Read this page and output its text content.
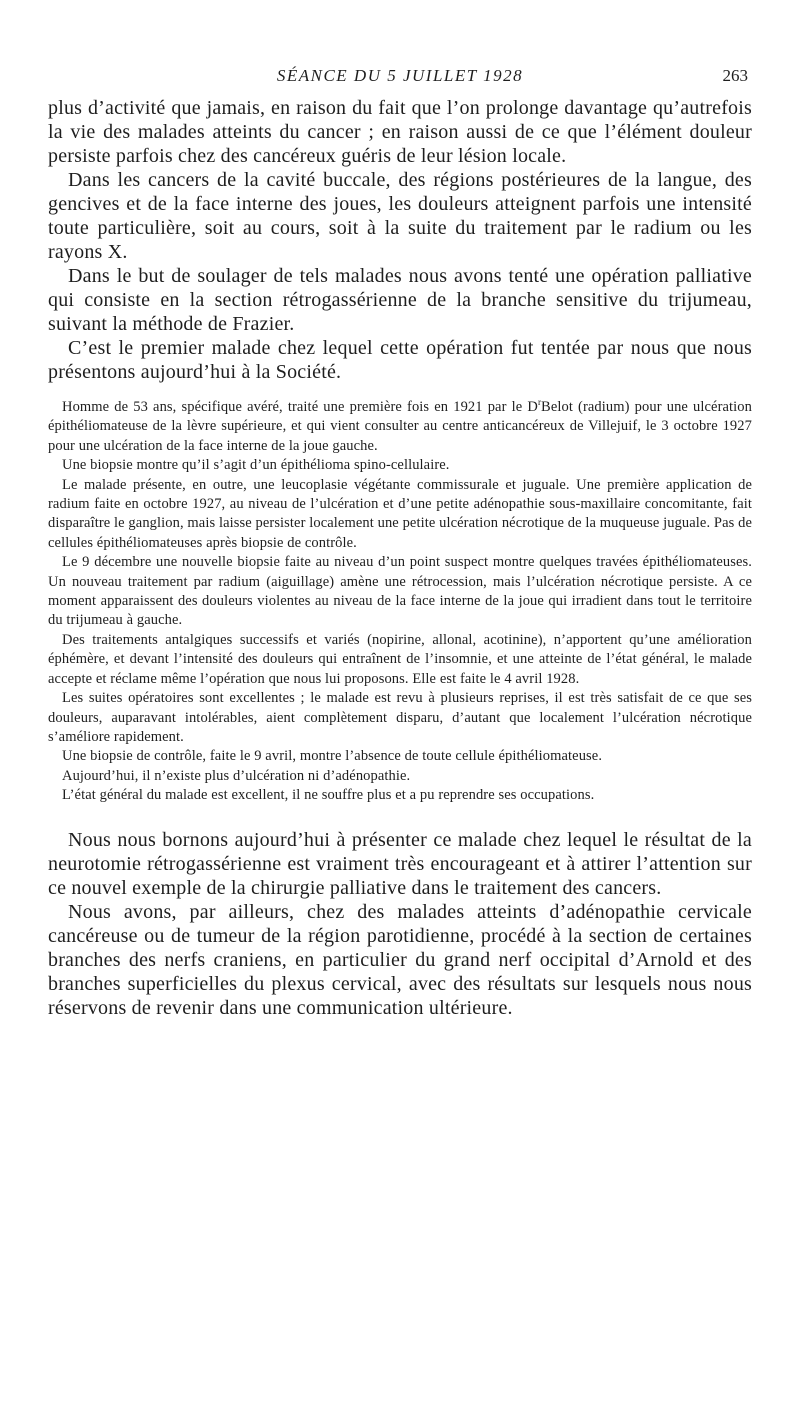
SÉANCE DU 5 JUILLET 1928	263

plus d’activité que jamais, en raison du fait que l’on prolonge davantage qu’autrefois la vie des malades atteints du cancer ; en raison aussi de ce que l’élément douleur persiste parfois chez des cancéreux guéris de leur lésion locale.

Dans les cancers de la cavité buccale, des régions postérieures de la langue, des gencives et de la face interne des joues, les douleurs atteignent parfois une intensité toute particulière, soit au cours, soit à la suite du traitement par le radium ou les rayons X.

Dans le but de soulager de tels malades nous avons tenté une opération palliative qui consiste en la section rétrogassérienne de la branche sensitive du trijumeau, suivant la méthode de Frazier.

C’est le premier malade chez lequel cette opération fut tentée par nous que nous présentons aujourd’hui à la Société.

Homme de 53 ans, spécifique avéré, traité une première fois en 1921 par le $D^rBelot$ (radium) pour une ulcération épithéliomateuse de la lèvre supérieure, et qui vient consulter au centre anticancéreux de Villejuif, le 3 octobre 1927 pour une ulcération de la face interne de la joue gauche.

Une biopsie montre qu’il s’agit d’un épithélioma spino-cellulaire.

Le malade présente, en outre, une leucoplasie végétante commissurale et juguale. Une première application de radium faite en octobre 1927, au niveau de l’ulcération et d’une petite adénopathie sous-maxillaire concomitante, fait disparaître le ganglion, mais laisse persister localement une petite ulcération nécrotique de la muqueuse juguale. Pas de cellules épithéliomateuses après biopsie de contrôle.

Le 9 décembre une nouvelle biopsie faite au niveau d’un point suspect montre quelques travées épithéliomateuses. Un nouveau traitement par radium (aiguillage) amène une rétrocession, mais l’ulcération nécrotique persiste. A ce moment apparaissent des douleurs violentes au niveau de la face interne de la joue qui irradient dans tout le territoire du trijumeau à gauche.

Des traitements antalgiques successifs et variés (nopirine, allonal, acotinine), n’apportent qu’une amélioration éphémère, et devant l’intensité des douleurs qui entraînent de l’insomnie, et une atteinte de l’état général, le malade accepte et réclame même l’opération que nous lui proposons. Elle est faite le 4 avril 1928.

Les suites opératoires sont excellentes ; le malade est revu à plusieurs reprises, il est très satisfait de ce que ses douleurs, auparavant intolérables, aient complètement disparu, d’autant que localement l’ulcération nécrotique s’améliore rapidement.

Une biopsie de contrôle, faite le 9 avril, montre l’absence de toute cellule épithéliomateuse.

Aujourd’hui, il n’existe plus d’ulcération ni d’adénopathie.

L’état général du malade est excellent, il ne souffre plus et a pu reprendre ses occupations.

Nous nous bornons aujourd’hui à présenter ce malade chez lequel le résultat de la neurotomie rétrogassérienne est vraiment très encourageant et à attirer l’attention sur ce nouvel exemple de la chirurgie palliative dans le traitement des cancers.

Nous avons, par ailleurs, chez des malades atteints d’adénopathie cervicale cancéreuse ou de tumeur de la région parotidienne, procédé à la section de certaines branches des nerfs craniens, en particulier du grand nerf occipital d’Arnold et des branches superficielles du plexus cervical, avec des résultats sur lesquels nous nous réservons de revenir dans une communication ultérieure.
